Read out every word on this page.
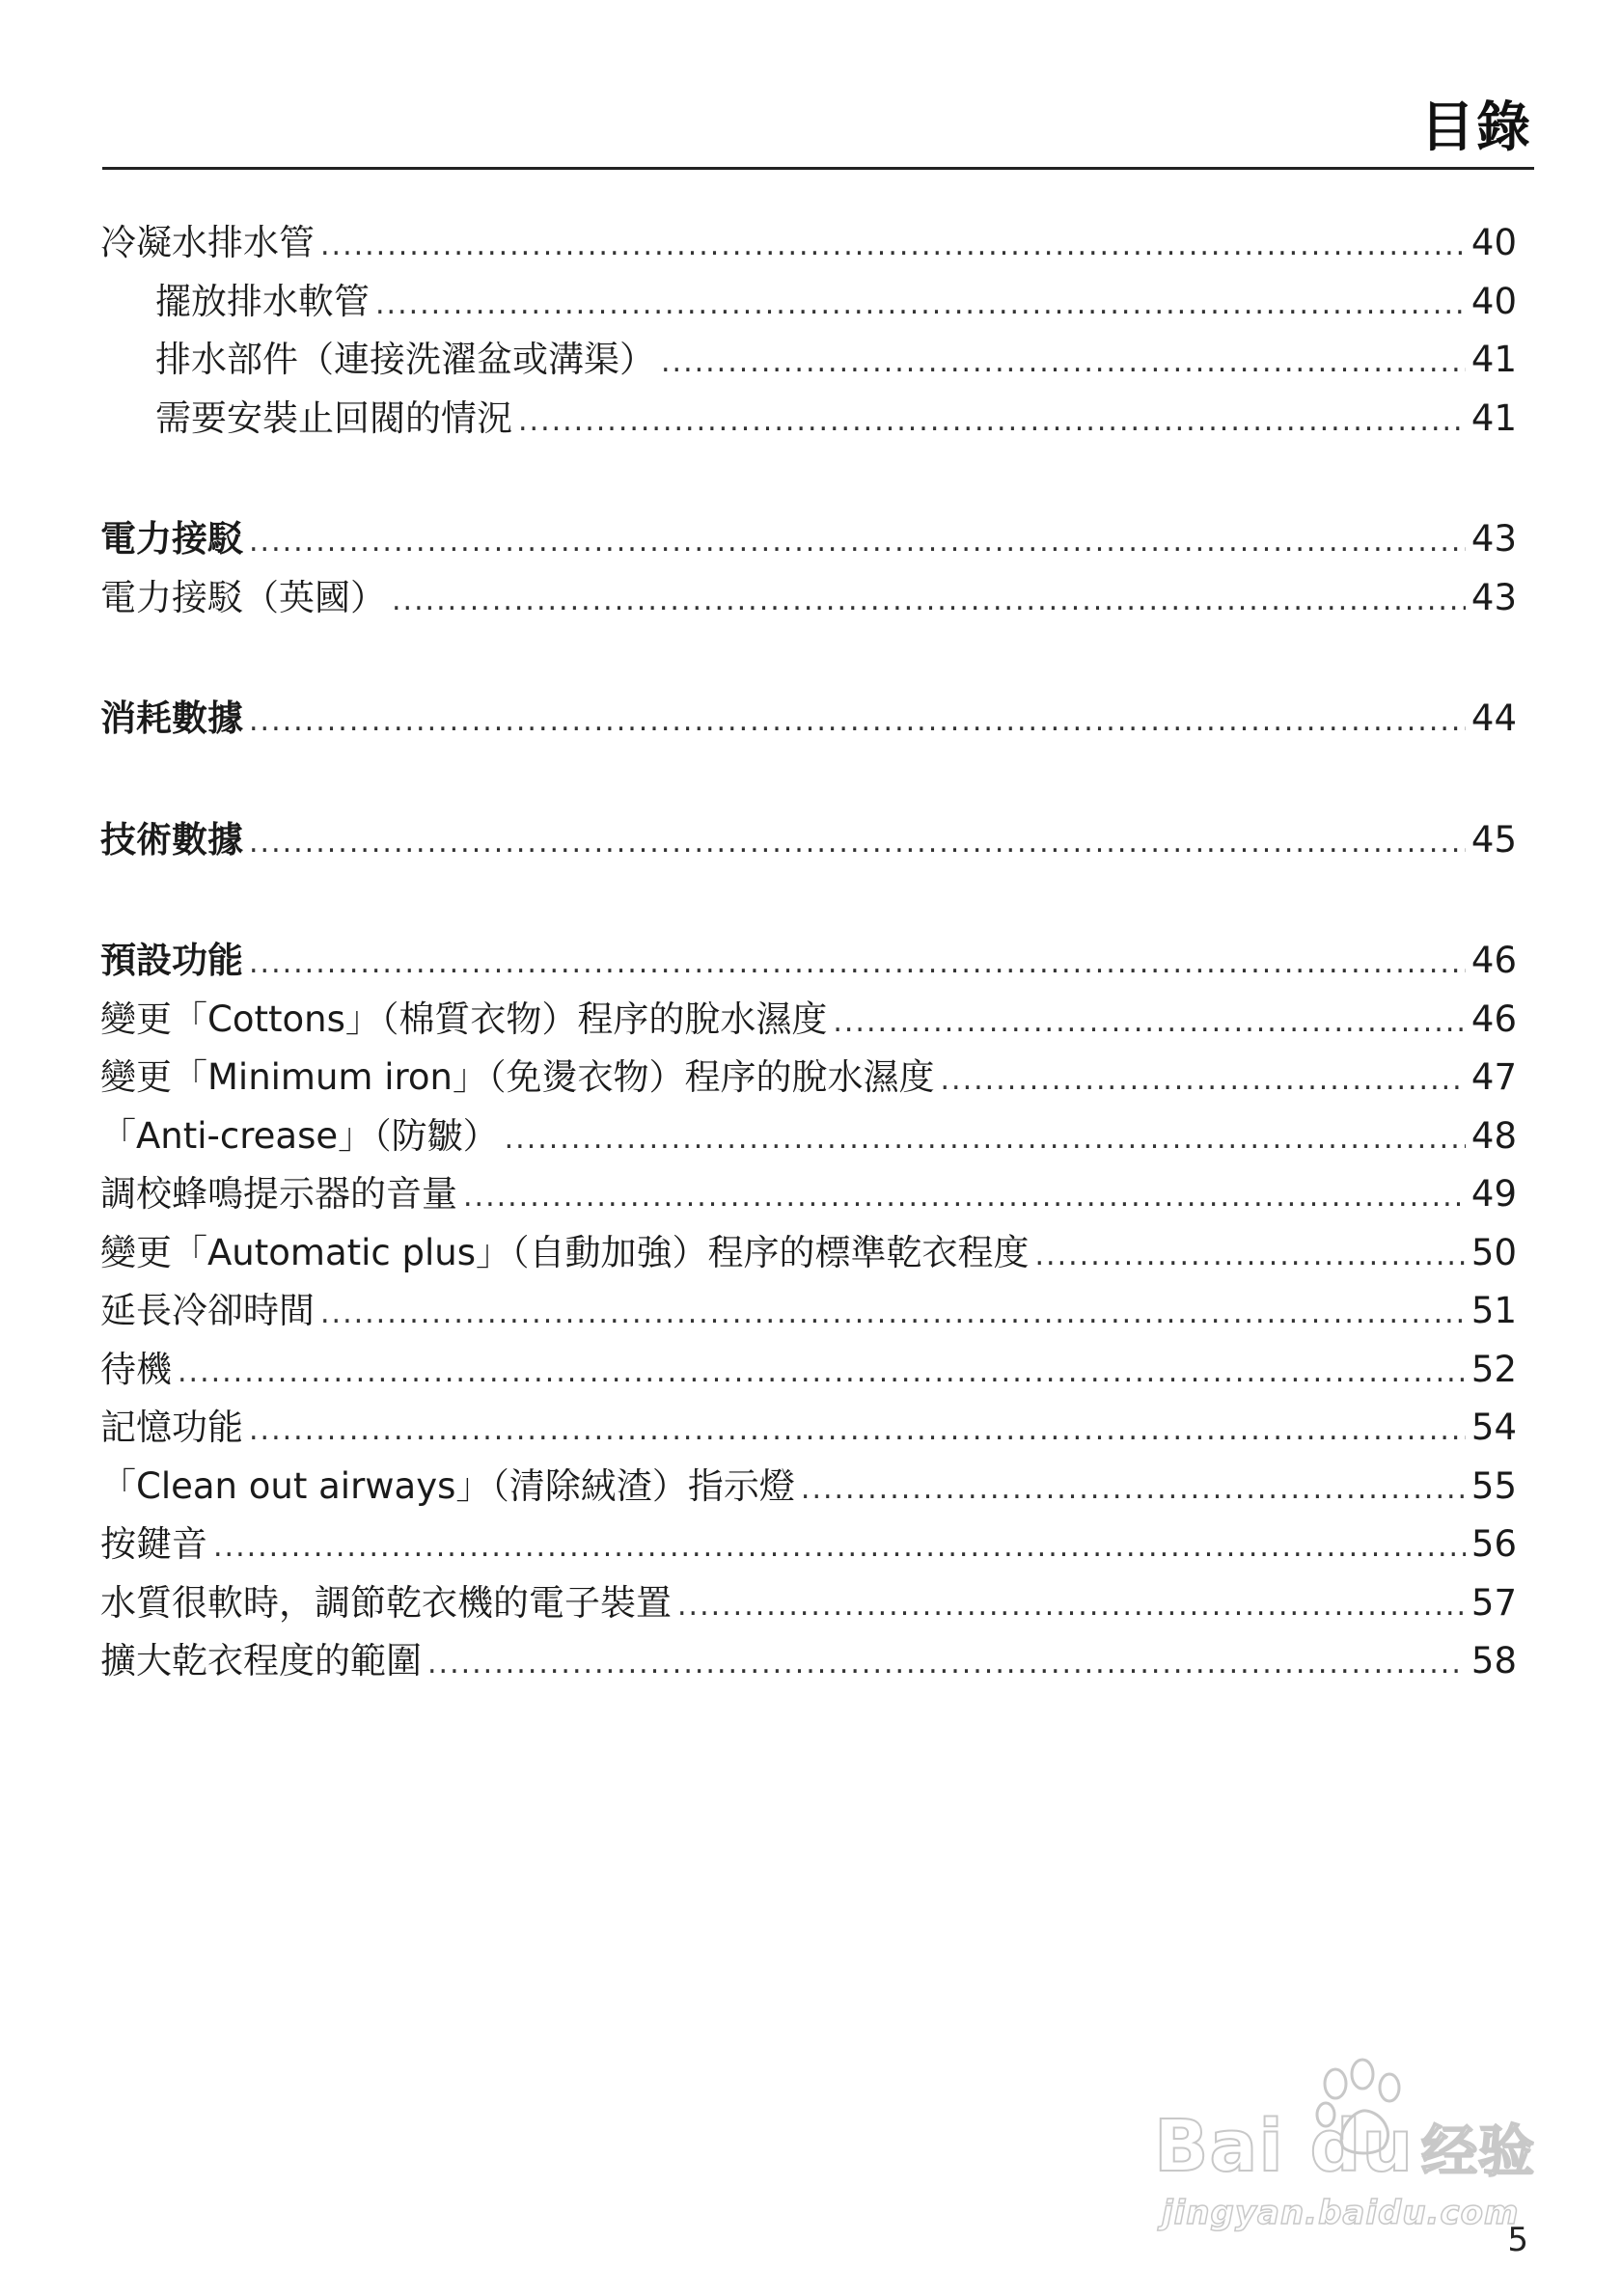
目錄
冷凝水排水管 .....	40
擺放排水軟管 .....	40
排水部件（連接洗濯盆或溝渠） .....	41
需要安裝止回閥的情況 .....	41
電力接駁 .....	43
電力接駁（英國） .....	43
消耗數據 .....	44
技術數據 .....	45
預設功能 .....	46
變更「Cottons」（棉質衣物）程序的脫水濕度 .....	46
變更「Minimum iron」（免燙衣物）程序的脫水濕度 .....	47
「Anti-crease」（防皺） .....	48
調校蜂鳴提示器的音量 .....	49
變更「Automatic plus」（自動加強）程序的標準乾衣程度 .....	50
延長冷卻時間 .....	51
待機 .....	52
記憶功能 .....	54
「Clean out airways」（清除絨渣）指示燈 .....	55
按鍵音 .....	56
水質很軟時，調節乾衣機的電子裝置 .....	57
擴大乾衣程度的範圍 .....	58
Bai du 经验
jingyan.baidu.com
5
